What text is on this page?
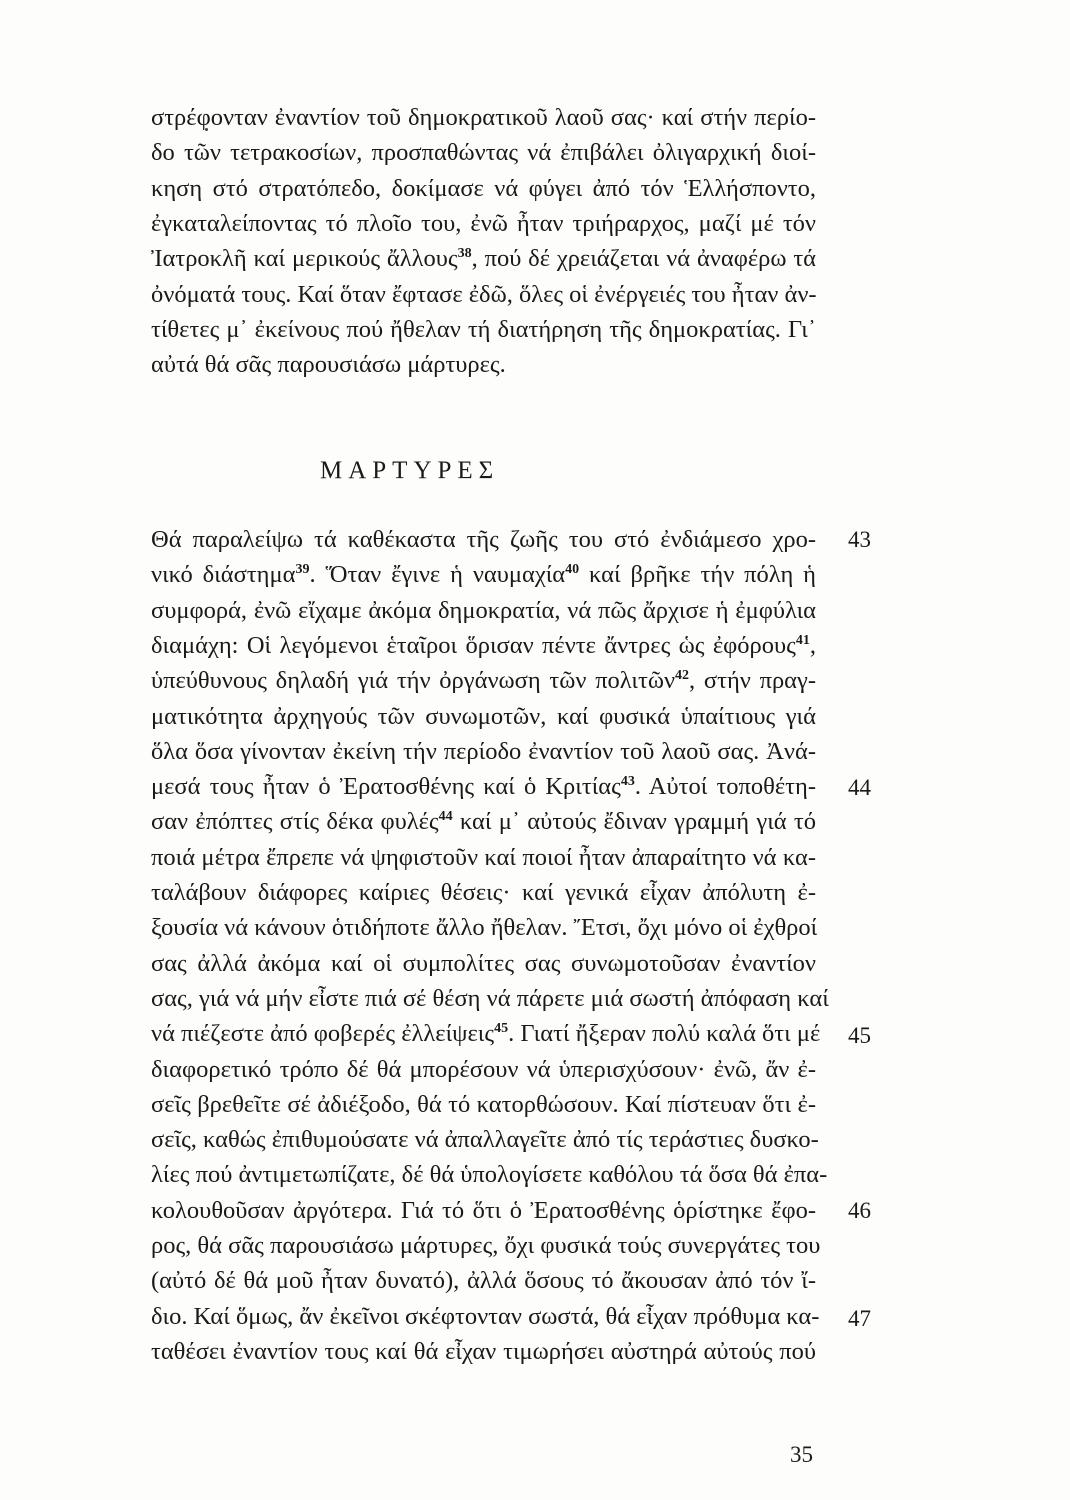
στρέφονταν ἐναντίον τοῦ δημοκρατικοῦ λαοῦ σας· καί στήν περίο-
δο τῶν τετρακοσίων, προσπαθώντας νά ἐπιβάλει ὀλιγαρχική διοί-
κηση στό στρατόπεδο, δοκίμασε νά φύγει ἀπό τόν Ἑλλήσποντο,
ἐγκαταλείποντας τό πλοῖο του, ἐνῶ ἦταν τριήραρχος, μαζί μέ τόν
Ἰατροκλῆ καί μερικούς ἄλλους$^{38}$, πού δέ χρειάζεται νά ἀναφέρω τά
ὀνόματά τους. Καί ὅταν ἔφτασε ἐδῶ, ὅλες οἱ ἐνέργειές του ἦταν ἀν-
τίθετες μ᾽ ἐκείνους πού ἤθελαν τή διατήρηση τῆς δημοκρατίας. Γι᾽
αὐτά θά σᾶς παρουσιάσω μάρτυρες.
ΜΑΡΤΥΡΕΣ
Θά παραλείψω τά καθέκαστα τῆς ζωῆς του στό ἐνδιάμεσο χρο-
νικό διάστημα$^{39}$. Ὅταν ἔγινε ἡ ναυμαχία$^{40}$ καί βρῆκε τήν πόλη ἡ
συμφορά, ἐνῶ εἴχαμε ἀκόμα δημοκρατία, νά πῶς ἄρχισε ἡ ἐμφύλια
διαμάχη: Οἱ λεγόμενοι ἑταῖροι ὅρισαν πέντε ἄντρες ὡς ἐφόρους$^{41}$,
ὑπεύθυνους δηλαδή γιά τήν ὀργάνωση τῶν πολιτῶν$^{42}$, στήν πραγ-
ματικότητα ἀρχηγούς τῶν συνωμοτῶν, καί φυσικά ὑπαίτιους γιά
ὅλα ὅσα γίνονταν ἐκείνη τήν περίοδο ἐναντίον τοῦ λαοῦ σας. Ἀνά-
μεσά τους ἦταν ὁ Ἐρατοσθένης καί ὁ Κριτίας$^{43}$. Αὐτοί τοποθέτη-
σαν ἐπόπτες στίς δέκα φυλές$^{44}$ καί μ᾽ αὐτούς ἔδιναν γραμμή γιά τό
ποιά μέτρα ἔπρεπε νά ψηφιστοῦν καί ποιοί ἦταν ἀπαραίτητο νά κα-
ταλάβουν διάφορες καίριες θέσεις· καί γενικά εἶχαν ἀπόλυτη ἐ-
ξουσία νά κάνουν ὁτιδήποτε ἄλλο ἤθελαν. Ἔτσι, ὄχι μόνο οἱ ἐχθροί
σας ἀλλά ἀκόμα καί οἱ συμπολίτες σας συνωμοτοῦσαν ἐναντίον
σας, γιά νά μήν εἶστε πιά σέ θέση νά πάρετε μιά σωστή ἀπόφαση καί
νά πιέζεστε ἀπό φοβερές ἐλλείψεις$^{45}$. Γιατί ἤξεραν πολύ καλά ὅτι μέ
διαφορετικό τρόπο δέ θά μπορέσουν νά ὑπερισχύσουν· ἐνῶ, ἄν ἐ-
σεῖς βρεθεῖτε σέ ἀδιέξοδο, θά τό κατορθώσουν. Καί πίστευαν ὅτι ἐ-
σεῖς, καθώς ἐπιθυμούσατε νά ἀπαλλαγεῖτε ἀπό τίς τεράστιες δυσκο-
λίες πού ἀντιμετωπίζατε, δέ θά ὑπολογίσετε καθόλου τά ὅσα θά ἐπα-
κολουθοῦσαν ἀργότερα. Γιά τό ὅτι ὁ Ἐρατοσθένης ὁρίστηκε ἔφο-
ρος, θά σᾶς παρουσιάσω μάρτυρες, ὄχι φυσικά τούς συνεργάτες του
(αὐτό δέ θά μοῦ ἦταν δυνατό), ἀλλά ὅσους τό ἄκουσαν ἀπό τόν ἴ-
διο. Καί ὅμως, ἄν ἐκεῖνοι σκέφτονταν σωστά, θά εἶχαν πρόθυμα κα-
ταθέσει ἐναντίον τους καί θά εἶχαν τιμωρήσει αὐστηρά αὐτούς πού
43
44
45
46
47
35
